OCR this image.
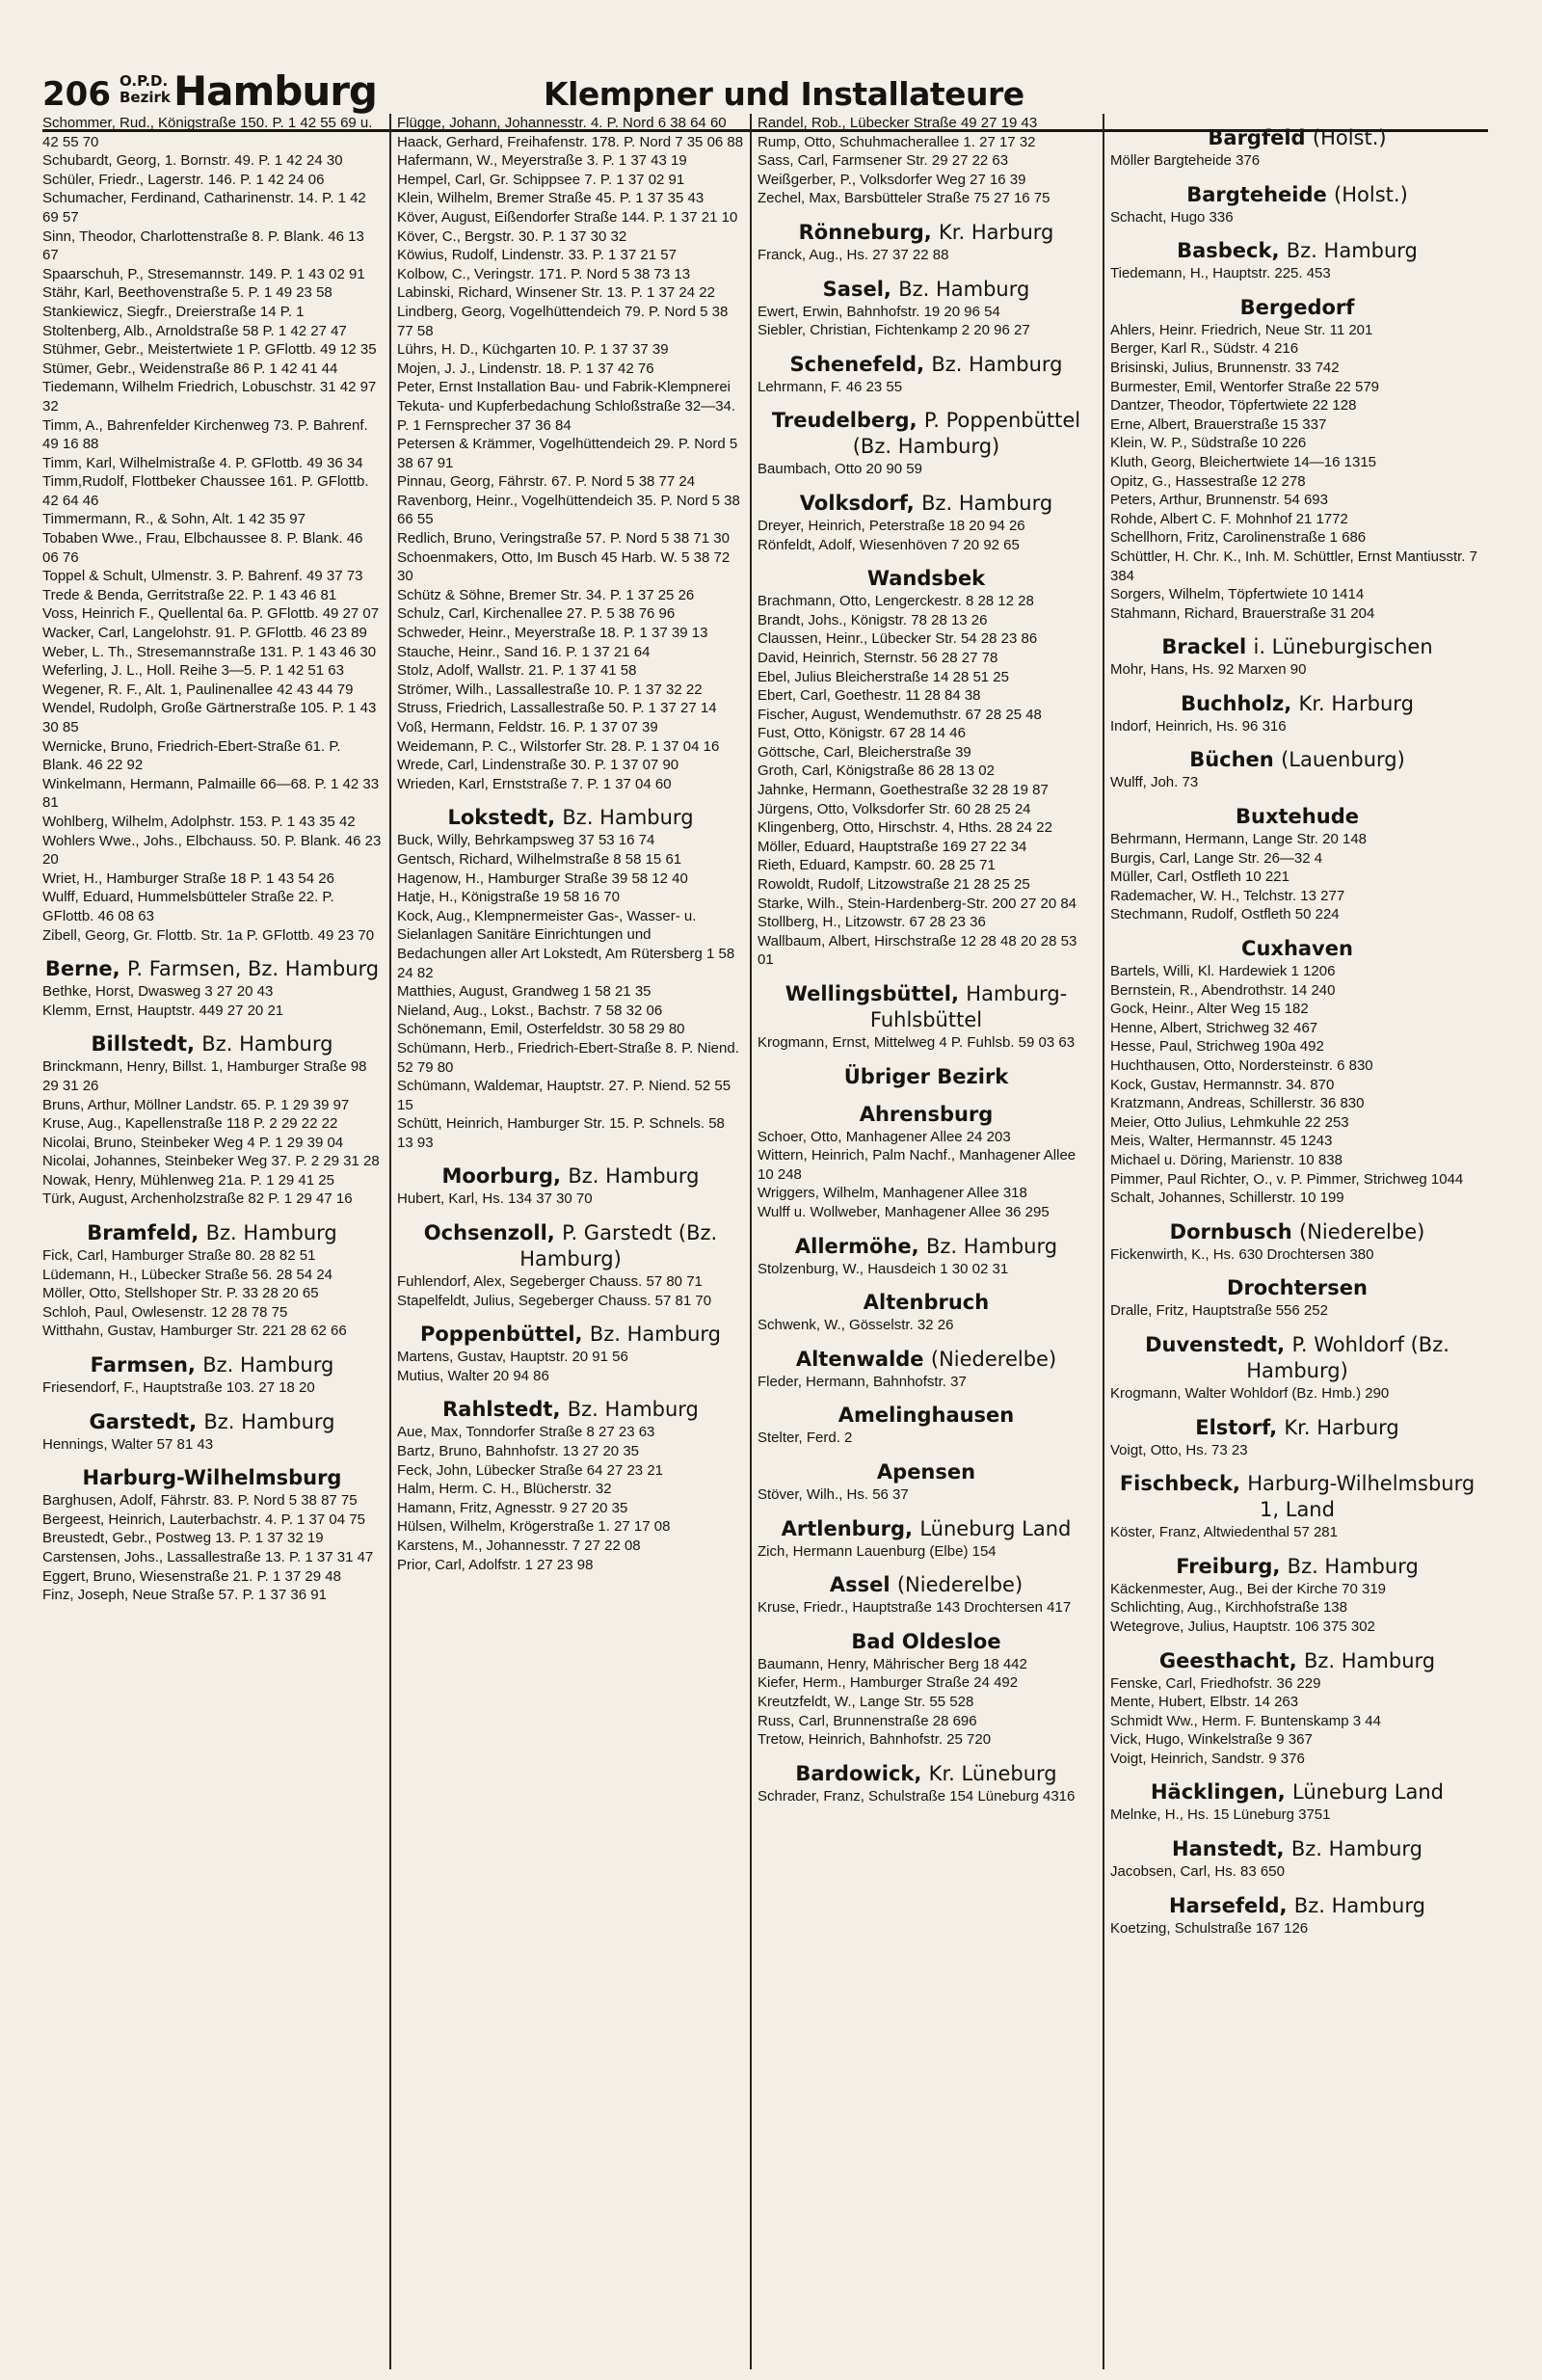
206 O.P.D.
Bezirk Hamburg	Klempner und Installateure
Schommer, Rud., Königstraße 150. P. 1 42 55 69 u. 42 55 70
Schubardt, Georg, 1. Bornstr. 49. P. 1 42 24 30
Schüler, Friedr., Lagerstr. 146. P. 1 42 24 06
Schumacher, Ferdinand, Catharinenstr. 14. P. 1 42 69 57
Sinn, Theodor, Charlottenstraße 8. P. Blank. 46 13 67
Spaarschuh, P., Stresemannstr. 149. P. 1 43 02 91
Stähr, Karl, Beethovenstraße 5. P. 1 49 23 58
Stankiewicz, Siegfr., Dreierstraße 14 P. 1
Stoltenberg, Alb., Arnoldstraße 58 P. 1 42 27 47
Stühmer, Gebr., Meistertwiete 1 P. GFlottb. 49 12 35
Stümer, Gebr., Weidenstraße 86 P. 1 42 41 44
Tiedemann, Wilhelm Friedrich, Lobuschstr. 31 42 97 32
Timm, A., Bahrenfelder Kirchenweg 73. P. Bahrenf. 49 16 88
Timm, Karl, Wilhelmistraße 4. P. GFlottb. 49 36 34
Timm,Rudolf, Flottbeker Chaussee 161. P. GFlottb. 42 64 46
Timmermann, R., & Sohn, Alt. 1 42 35 97
Tobaben Wwe., Frau, Elbchaussee 8. P. Blank. 46 06 76
Toppel & Schult, Ulmenstr. 3. P. Bahrenf. 49 37 73
Trede & Benda, Gerritstraße 22. P. 1 43 46 81
Voss, Heinrich F., Quellental 6a. P. GFlottb. 49 27 07
Wacker, Carl, Langelohstr. 91. P. GFlottb. 46 23 89
Weber, L. Th., Stresemannstraße 131. P. 1 43 46 30
Weferling, J. L., Holl. Reihe 3—5. P. 1 42 51 63
Wegener, R. F., Alt. 1, Paulinenallee 42 43 44 79
Wendel, Rudolph, Große Gärtnerstraße 105. P. 1 43 30 85
Wernicke, Bruno, Friedrich-Ebert-Straße 61. P. Blank. 46 22 92
Winkelmann, Hermann, Palmaille 66—68. P. 1 42 33 81
Wohlberg, Wilhelm, Adolphstr. 153. P. 1 43 35 42
Wohlers Wwe., Johs., Elbchauss. 50. P. Blank. 46 23 20
Wriet, H., Hamburger Straße 18 P. 1 43 54 26
Wulff, Eduard, Hummelsbütteler Straße 22. P. GFlottb. 46 08 63
Zibell, Georg, Gr. Flottb. Str. 1a P. GFlottb. 49 23 70
Berne, P. Farmsen, Bz. Hamburg
Bethke, Horst, Dwasweg 3 27 20 43
Klemm, Ernst, Hauptstr. 449 27 20 21
Billstedt, Bz. Hamburg
Brinckmann, Henry, Billst. 1, Hamburger Straße 98 29 31 26
Bruns, Arthur, Möllner Landstr. 65. P. 1 29 39 97
Kruse, Aug., Kapellenstraße 118 P. 2 29 22 22
Nicolai, Bruno, Steinbeker Weg 4 P. 1 29 39 04
Nicolai, Johannes, Steinbeker Weg 37. P. 2 29 31 28
Nowak, Henry, Mühlenweg 21a. P. 1 29 41 25
Türk, August, Archenholzstraße 82 P. 1 29 47 16
Bramfeld, Bz. Hamburg
Fick, Carl, Hamburger Straße 80. 28 82 51
Lüdemann, H., Lübecker Straße 56. 28 54 24
Möller, Otto, Stellshoper Str. P. 33 28 20 65
Schloh, Paul, Owlesenstr. 12 28 78 75
Witthahn, Gustav, Hamburger Str. 221 28 62 66
Farmsen, Bz. Hamburg
Friesendorf, F., Hauptstraße 103. 27 18 20
Garstedt, Bz. Hamburg
Hennings, Walter 57 81 43
Harburg-Wilhelmsburg
Barghusen, Adolf, Fährstr. 83. P. Nord 5 38 87 75
Bergeest, Heinrich, Lauterbachstr. 4. P. 1 37 04 75
Breustedt, Gebr., Postweg 13. P. 1 37 32 19
Carstensen, Johs., Lassallestraße 13. P. 1 37 31 47
Eggert, Bruno, Wiesenstraße 21. P. 1 37 29 48
Finz, Joseph, Neue Straße 57. P. 1 37 36 91
Flügge, Johann, Johannesstr. 4. P. Nord 6 38 64 60
Haack, Gerhard, Freihafenstr. 178. P. Nord 7 35 06 88
Hafermann, W., Meyerstraße 3. P. 1 37 43 19
Hempel, Carl, Gr. Schippsee 7. P. 1 37 02 91
Klein, Wilhelm, Bremer Straße 45. P. 1 37 35 43
Köver, August, Eißendorfer Straße 144. P. 1 37 21 10
Köver, C., Bergstr. 30. P. 1 37 30 32
Köwius, Rudolf, Lindenstr. 33. P. 1 37 21 57
Kolbow, C., Veringstr. 171. P. Nord 5 38 73 13
Labinski, Richard, Winsener Str. 13. P. 1 37 24 22
Lindberg, Georg, Vogelhüttendeich 79. P. Nord 5 38 77 58
Lührs, H. D., Küchgarten 10. P. 1 37 37 39
Mojen, J. J., Lindenstr. 18. P. 1 37 42 76
Peter, Ernst Installation Bau- und Fabrik-Klempnerei Tekuta- und Kupferbedachung Schloßstraße 32—34. P. 1 Fernsprecher 37 36 84
Petersen & Krämmer, Vogelhüttendeich 29. P. Nord 5 38 67 91
Pinnau, Georg, Fährstr. 67. P. Nord 5 38 77 24
Ravenborg, Heinr., Vogelhüttendeich 35. P. Nord 5 38 66 55
Redlich, Bruno, Veringstraße 57. P. Nord 5 38 71 30
Schoenmakers, Otto, Im Busch 45 Harb. W. 5 38 72 30
Schütz & Söhne, Bremer Str. 34. P. 1 37 25 26
Schulz, Carl, Kirchenallee 27. P. 5 38 76 96
Schweder, Heinr., Meyerstraße 18. P. 1 37 39 13
Stauche, Heinr., Sand 16. P. 1 37 21 64
Stolz, Adolf, Wallstr. 21. P. 1 37 41 58
Strömer, Wilh., Lassallestraße 10. P. 1 37 32 22
Struss, Friedrich, Lassallestraße 50. P. 1 37 27 14
Voß, Hermann, Feldstr. 16. P. 1 37 07 39
Weidemann, P. C., Wilstorfer Str. 28. P. 1 37 04 16
Wrede, Carl, Lindenstraße 30. P. 1 37 07 90
Wrieden, Karl, Ernststraße 7. P. 1 37 04 60
Lokstedt, Bz. Hamburg
Buck, Willy, Behrkampsweg 37 53 16 74
Gentsch, Richard, Wilhelmstraße 8 58 15 61
Hagenow, H., Hamburger Straße 39 58 12 40
Hatje, H., Königstraße 19 58 16 70
Kock, Aug., Klempnermeister Gas-, Wasser- u. Sielanlagen Sanitäre Einrichtungen und Bedachungen aller Art Lokstedt, Am Rütersberg 1 58 24 82
Matthies, August, Grandweg 1 58 21 35
Nieland, Aug., Lokst., Bachstr. 7 58 32 06
Schönemann, Emil, Osterfeldstr. 30 58 29 80
Schümann, Herb., Friedrich-Ebert-Straße 8. P. Niend. 52 79 80
Schümann, Waldemar, Hauptstr. 27. P. Niend. 52 55 15
Schütt, Heinrich, Hamburger Str. 15. P. Schnels. 58 13 93
Moorburg, Bz. Hamburg
Hubert, Karl, Hs. 134 37 30 70
Ochsenzoll, P. Garstedt (Bz. Hamburg)
Fuhlendorf, Alex, Segeberger Chauss. 57 80 71
Stapelfeldt, Julius, Segeberger Chauss. 57 81 70
Poppenbüttel, Bz. Hamburg
Martens, Gustav, Hauptstr. 20 91 56
Mutius, Walter 20 94 86
Rahlstedt, Bz. Hamburg
Aue, Max, Tonndorfer Straße 8 27 23 63
Bartz, Bruno, Bahnhofstr. 13 27 20 35
Feck, John, Lübecker Straße 64 27 23 21
Halm, Herm. C. H., Blücherstr. 32
Hamann, Fritz, Agnesstr. 9 27 20 35
Hülsen, Wilhelm, Krögerstraße 1. 27 17 08
Karstens, M., Johannesstr. 7 27 22 08
Prior, Carl, Adolfstr. 1 27 23 98
Randel, Rob., Lübecker Straße 49 27 19 43
Rump, Otto, Schuhmacherallee 1. 27 17 32
Sass, Carl, Farmsener Str. 29 27 22 63
Weißgerber, P., Volksdorfer Weg 27 16 39
Zechel, Max, Barsbütteler Straße 75 27 16 75
Rönneburg, Kr. Harburg
Franck, Aug., Hs. 27 37 22 88
Sasel, Bz. Hamburg
Ewert, Erwin, Bahnhofstr. 19 20 96 54
Siebler, Christian, Fichtenkamp 2 20 96 27
Schenefeld, Bz. Hamburg
Lehrmann, F. 46 23 55
Treudelberg, P. Poppenbüttel (Bz. Hamburg)
Baumbach, Otto 20 90 59
Volksdorf, Bz. Hamburg
Dreyer, Heinrich, Peterstraße 18 20 94 26
Rönfeldt, Adolf, Wiesenhöven 7 20 92 65
Wandsbek
Brachmann, Otto, Lengerckestr. 8 28 12 28
Brandt, Johs., Königstr. 78 28 13 26
Claussen, Heinr., Lübecker Str. 54 28 23 86
David, Heinrich, Sternstr. 56 28 27 78
Ebel, Julius Bleicherstraße 14 28 51 25
Ebert, Carl, Goethestr. 11 28 84 38
Fischer, August, Wendemuthstr. 67 28 25 48
Fust, Otto, Königstr. 67 28 14 46
Göttsche, Carl, Bleicherstraße 39
Groth, Carl, Königstraße 86 28 13 02
Jahnke, Hermann, Goethestraße 32 28 19 87
Jürgens, Otto, Volksdorfer Str. 60 28 25 24
Klingenberg, Otto, Hirschstr. 4, Hths. 28 24 22
Möller, Eduard, Hauptstraße 169 27 22 34
Rieth, Eduard, Kampstr. 60. 28 25 71
Rowoldt, Rudolf, Litzowstraße 21 28 25 25
Starke, Wilh., Stein-Hardenberg-Str. 200 27 20 84
Stollberg, H., Litzowstr. 67 28 23 36
Wallbaum, Albert, Hirschstraße 12 28 48 20 28 53 01
Wellingsbüttel, Hamburg-Fuhlsbüttel
Krogmann, Ernst, Mittelweg 4 P. Fuhlsb. 59 03 63
Übriger Bezirk
Ahrensburg
Schoer, Otto, Manhagener Allee 24 203
Wittern, Heinrich, Palm Nachf., Manhagener Allee 10 248
Wriggers, Wilhelm, Manhagener Allee 318
Wulff u. Wollweber, Manhagener Allee 36 295
Allermöhe, Bz. Hamburg
Stolzenburg, W., Hausdeich 1 30 02 31
Altenbruch
Schwenk, W., Gösselstr. 32 26
Altenwalde (Niederelbe)
Fleder, Hermann, Bahnhofstr. 37
Amelinghausen
Stelter, Ferd. 2
Apensen
Stöver, Wilh., Hs. 56 37
Artlenburg, Lüneburg Land
Zich, Hermann Lauenburg (Elbe) 154
Assel (Niederelbe)
Kruse, Friedr., Hauptstraße 143 Drochtersen 417
Bad Oldesloe
Baumann, Henry, Mährischer Berg 18 442
Kiefer, Herm., Hamburger Straße 24 492
Kreutzfeldt, W., Lange Str. 55 528
Russ, Carl, Brunnenstraße 28 696
Tretow, Heinrich, Bahnhofstr. 25 720
Bardowick, Kr. Lüneburg
Schrader, Franz, Schulstraße 154 Lüneburg 4316
Bargfeld (Holst.)
Möller Bargteheide 376
Bargteheide (Holst.)
Schacht, Hugo 336
Basbeck, Bz. Hamburg
Tiedemann, H., Hauptstr. 225. 453
Bergedorf
Ahlers, Heinr. Friedrich, Neue Str. 11 201
Berger, Karl R., Südstr. 4 216
Brisinski, Julius, Brunnenstr. 33 742
Burmester, Emil, Wentorfer Straße 22 579
Dantzer, Theodor, Töpfertwiete 22 128
Erne, Albert, Brauerstraße 15 337
Klein, W. P., Südstraße 10 226
Kluth, Georg, Bleichertwiete 14—16 1315
Opitz, G., Hassestraße 12 278
Peters, Arthur, Brunnenstr. 54 693
Rohde, Albert C. F. Mohnhof 21 1772
Schellhorn, Fritz, Carolinenstraße 1 686
Schüttler, H. Chr. K., Inh. M. Schüttler, Ernst Mantiusstr. 7 384
Sorgers, Wilhelm, Töpfertwiete 10 1414
Stahmann, Richard, Brauerstraße 31 204
Brackel i. Lüneburgischen
Mohr, Hans, Hs. 92 Marxen 90
Buchholz, Kr. Harburg
Indorf, Heinrich, Hs. 96 316
Büchen (Lauenburg)
Wulff, Joh. 73
Buxtehude
Behrmann, Hermann, Lange Str. 20 148
Burgis, Carl, Lange Str. 26—32 4
Müller, Carl, Ostfleth 10 221
Rademacher, W. H., Telchstr. 13 277
Stechmann, Rudolf, Ostfleth 50 224
Cuxhaven
Bartels, Willi, Kl. Hardewiek 1 1206
Bernstein, R., Abendrothstr. 14 240
Gock, Heinr., Alter Weg 15 182
Henne, Albert, Strichweg 32 467
Hesse, Paul, Strichweg 190a 492
Huchthausen, Otto, Nordersteinstr. 6 830
Kock, Gustav, Hermannstr. 34. 870
Kratzmann, Andreas, Schillerstr. 36 830
Meier, Otto Julius, Lehmkuhle 22 253
Meis, Walter, Hermannstr. 45 1243
Michael u. Döring, Marienstr. 10 838
Pimmer, Paul Richter, O., v. P. Pimmer, Strichweg 1044
Schalt, Johannes, Schillerstr. 10 199
Dornbusch (Niederelbe)
Fickenwirth, K., Hs. 630 Drochtersen 380
Drochtersen
Dralle, Fritz, Hauptstraße 556 252
Duvenstedt, P. Wohldorf (Bz. Hamburg)
Krogmann, Walter Wohldorf (Bz. Hmb.) 290
Elstorf, Kr. Harburg
Voigt, Otto, Hs. 73 23
Fischbeck, Harburg-Wilhelmsburg 1, Land
Köster, Franz, Altwiedenthal 57 281
Freiburg, Bz. Hamburg
Käckenmester, Aug., Bei der Kirche 70 319
Schlichting, Aug., Kirchhofstraße 138
Wetegrove, Julius, Hauptstr. 106 375 302
Geesthacht, Bz. Hamburg
Fenske, Carl, Friedhofstr. 36 229
Mente, Hubert, Elbstr. 14 263
Schmidt Ww., Herm. F. Buntenskamp 3 44
Vick, Hugo, Winkelstraße 9 367
Voigt, Heinrich, Sandstr. 9 376
Häcklingen, Lüneburg Land
Melnke, H., Hs. 15 Lüneburg 3751
Hanstedt, Bz. Hamburg
Jacobsen, Carl, Hs. 83 650
Harsefeld, Bz. Hamburg
Koetzing, Schulstraße 167 126
